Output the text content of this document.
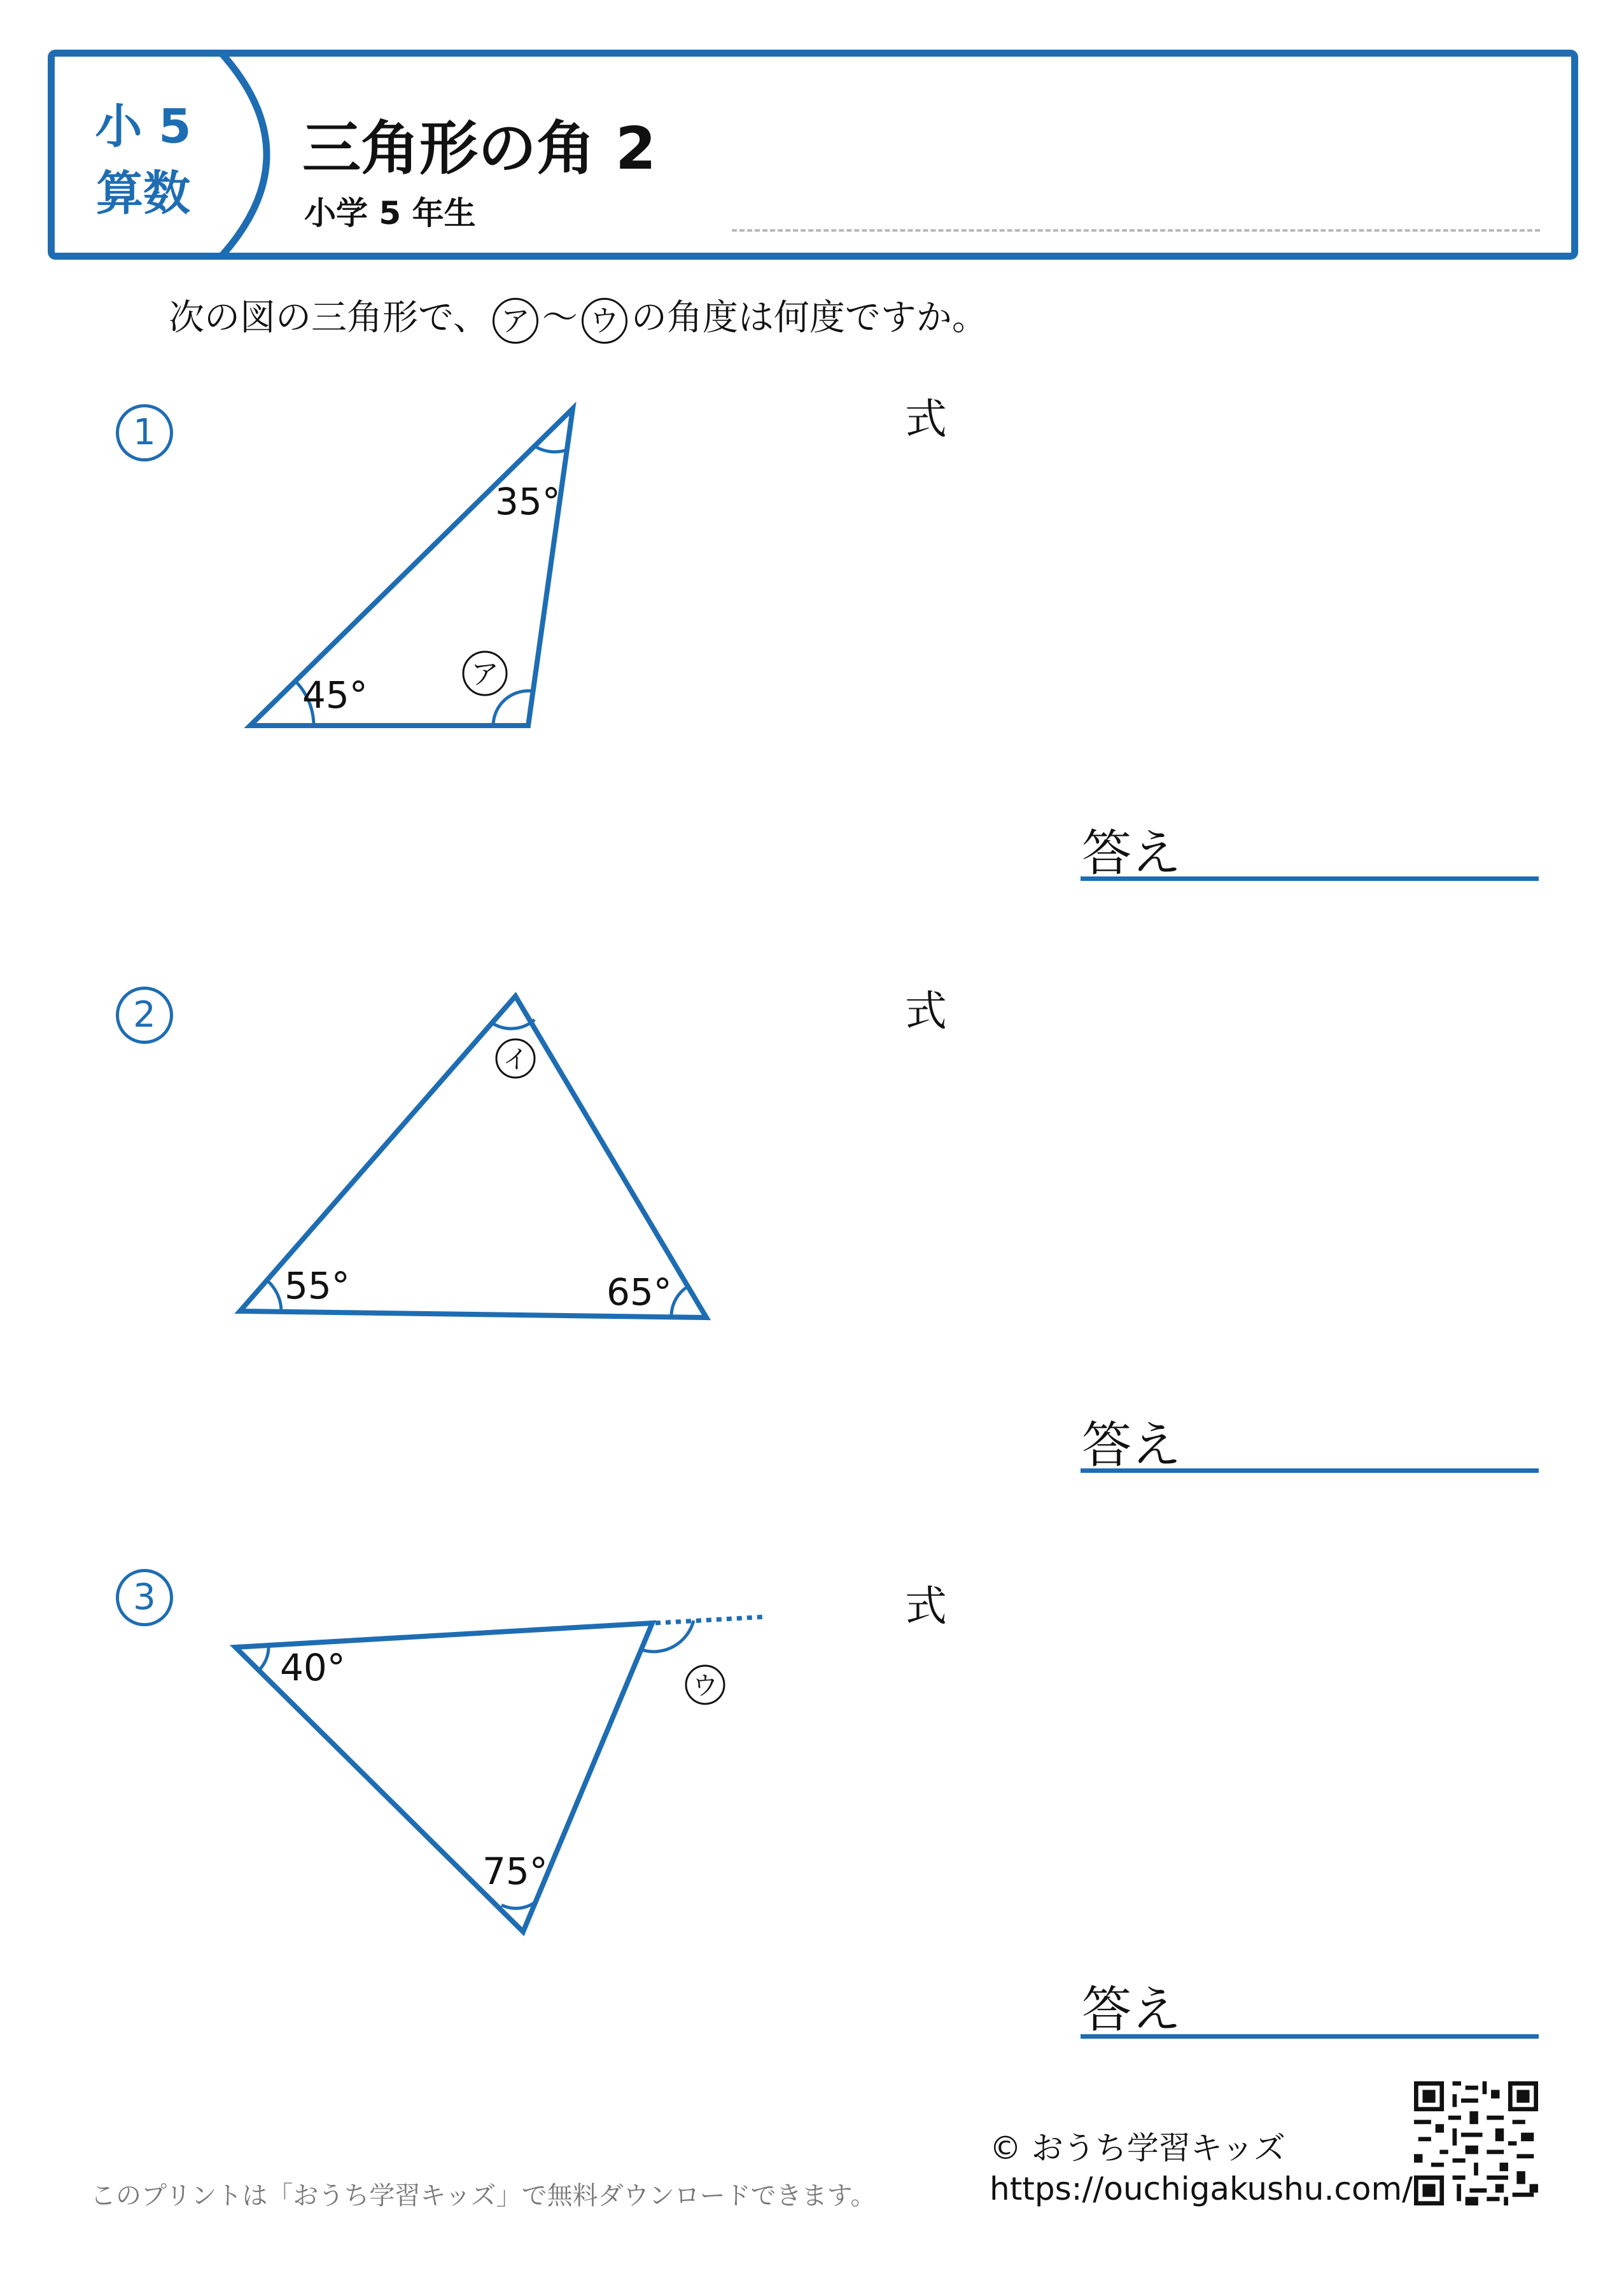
小 5
算数
三角形の角 2
小学 5 年生
次の図の三角形で、 ア ～ ウ の角度は何度ですか。
1
35°
45°	ア
イ
55°	65°
40°
75°
ウ
式
答え
2	式
答え
3	式
答え
このプリントは「おうち学習キッズ」で無料ダウンロードできます。
© おうち学習キッズ
https://ouchigakushu.com/
